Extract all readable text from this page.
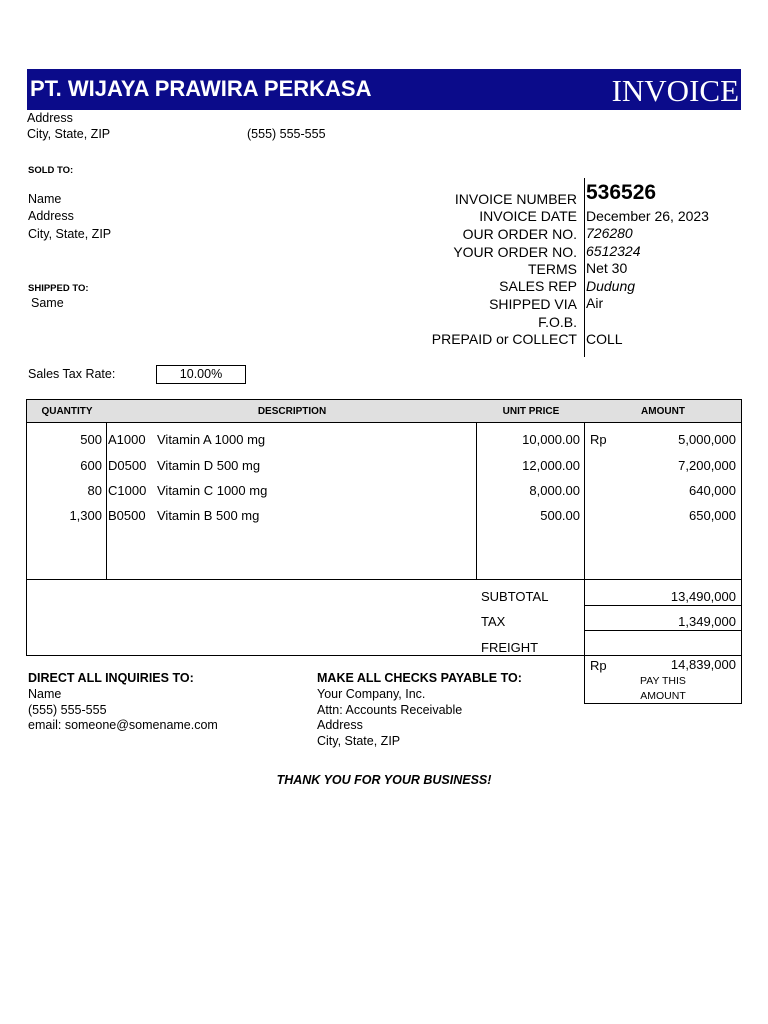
PT. WIJAYA PRAWIRA PERKASA	INVOICE
Address
City, State, ZIP	(555) 555-555
SOLD TO:
Name
Address
City, State, ZIP
SHIPPED TO:
Same
INVOICE NUMBER 536526
INVOICE DATE December 26, 2023
OUR ORDER NO. 726280
YOUR ORDER NO. 6512324
TERMS Net 30
SALES REP Dudung
SHIPPED VIA Air
F.O.B.
PREPAID or COLLECT COLL
Sales Tax Rate:	10.00%
QUANTITY	DESCRIPTION	UNIT PRICE	AMOUNT
Rp
500 A1000 Vitamin A 1000 mg	10,000.00	5,000,000
600 D0500 Vitamin D 500 mg	12,000.00	7,200,000
80 C1000 Vitamin C 1000 mg	8,000.00	640,000
1,300 B0500 Vitamin B 500 mg	500.00	650,000
SUBTOTAL	13,490,000
TAX	1,349,000
FREIGHT
Rp	14,839,000
PAY THIS
AMOUNT
DIRECT ALL INQUIRIES TO:
Name
(555) 555-555
email: someone@somename.com
MAKE ALL CHECKS PAYABLE TO:
Your Company, Inc.
Attn: Accounts Receivable
Address
City, State, ZIP
THANK YOU FOR YOUR BUSINESS!
